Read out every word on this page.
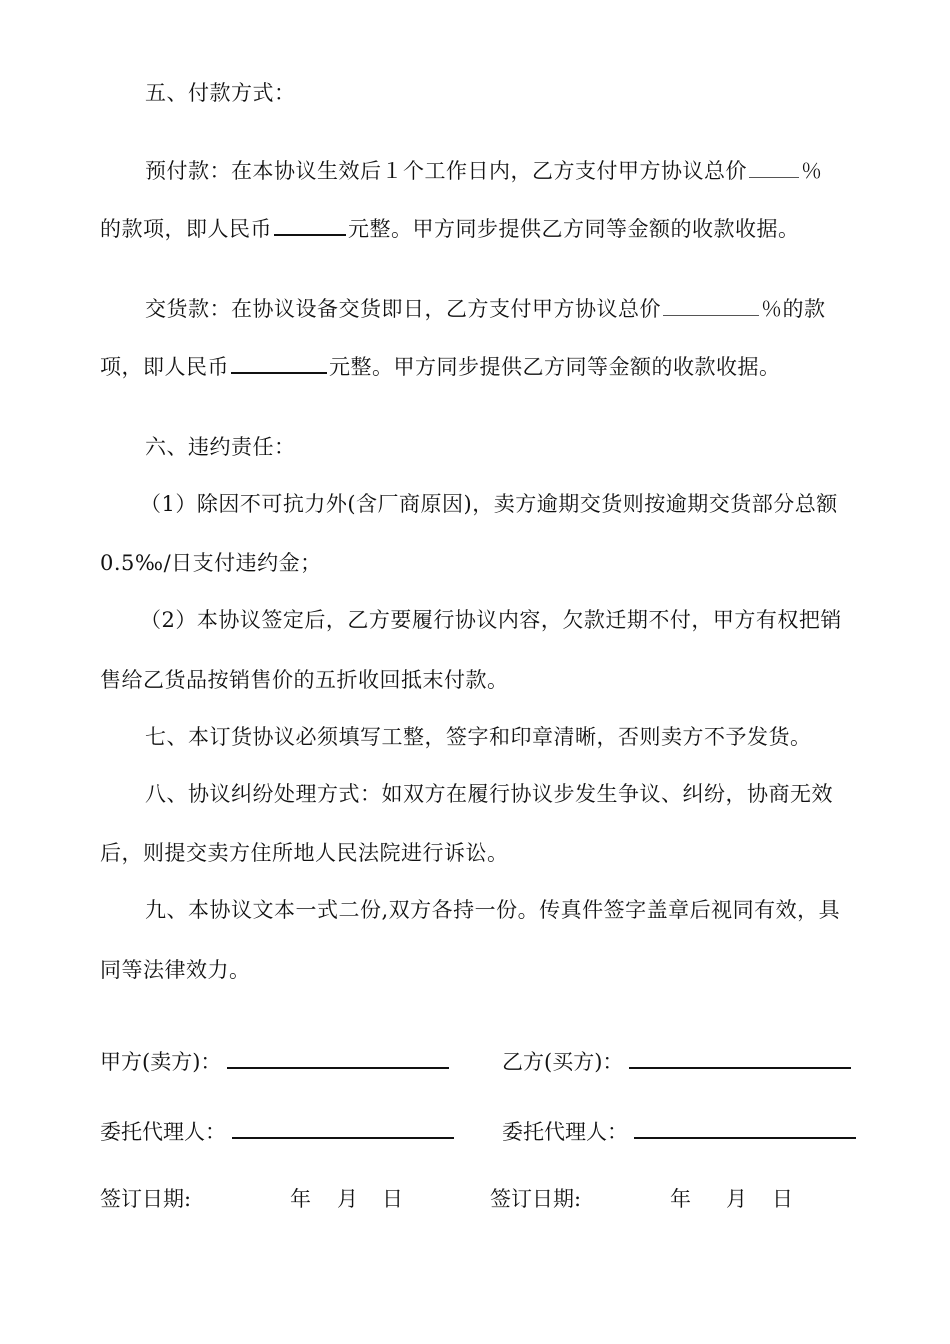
五、付款方式：
预付款：在本协议生效后１个工作日内，乙方支付甲方协议总价	％
的款项，即人民币	元整。甲方同步提供乙方同等金额的收款收据。
交货款：在协议设备交货即日，乙方支付甲方协议总价	％的款
项，即人民币	元整。甲方同步提供乙方同等金额的收款收据。
六、违约责任：
（1）除因不可抗力外(含厂商原因)，卖方逾期交货则按逾期交货部分总额
0.5‰/日支付违约金；
（2）本协议签定后，乙方要履行协议内容，欠款迁期不付，甲方有权把销
售给乙货品按销售价的五折收回抵末付款。
七、本订货协议必须填写工整，签字和印章清晰，否则卖方不予发货。
八、协议纠纷处理方式：如双方在履行协议步发生争议、纠纷，协商无效
后，则提交卖方住所地人民法院进行诉讼。
九、本协议文本一式二份,双方各持一份。传真件签字盖章后视同有效，具
同等法律效力。
甲方(卖方)：	乙方(买方)：
委托代理人：	委托代理人：
签订日期:	年 月 日	签订日期:	年 月 日
